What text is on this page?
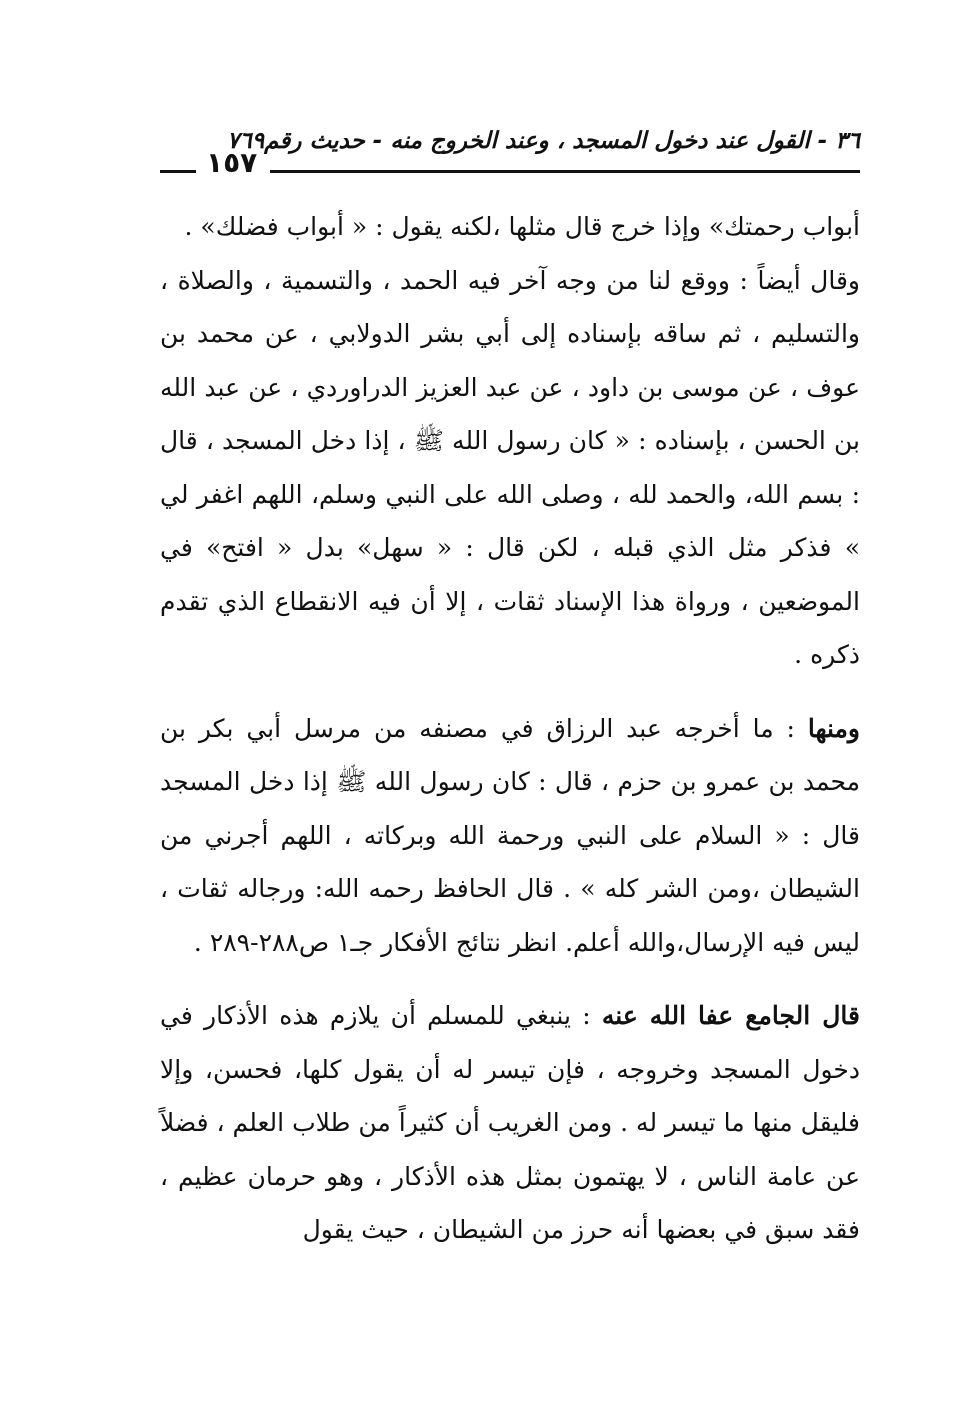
٣٦ - القول عند دخول المسجد ، وعند الخروج منه - حديث رقم٧٦٩
١٥٧

أبواب رحمتك» وإذا خرج قال مثلها ،لكنه يقول : « أبواب فضلك» .

وقال أيضاً : ووقع لنا من وجه آخر فيه الحمد ، والتسمية ، والصلاة ، والتسليم ، ثم ساقه بإسناده إلى أبي بشر الدولابي ، عن محمد بن عوف ، عن موسى بن داود ، عن عبد العزيز الدراوردي ، عن عبد الله بن الحسن ، بإسناده : « كان رسول الله ﷺ ، إذا دخل المسجد ، قال : بسم الله، والحمد لله ، وصلى الله على النبي وسلم، اللهم اغفر لي » فذكر مثل الذي قبله ، لكن قال : « سهل» بدل « افتح» في الموضعين ، ورواة هذا الإسناد ثقات ، إلا أن فيه الانقطاع الذي تقدم ذكره .

ومنها : ما أخرجه عبد الرزاق في مصنفه من مرسل أبي بكر بن محمد بن عمرو بن حزم ، قال : كان رسول الله ﷺ إذا دخل المسجد قال : « السلام على النبي ورحمة الله وبركاته ، اللهم أجرني من الشيطان ،ومن الشر كله » . قال الحافظ رحمه الله: ورجاله ثقات ، ليس فيه الإرسال،والله أعلم. انظر نتائج الأفكار جـ١ ص٢٨٨-٢٨٩ .

قال الجامع عفا الله عنه : ينبغي للمسلم أن يلازم هذه الأذكار في دخول المسجد وخروجه ، فإن تيسر له أن يقول كلها، فحسن، وإلا فليقل منها ما تيسر له . ومن الغريب أن كثيراً من طلاب العلم ، فضلاً عن عامة الناس ، لا يهتمون بمثل هذه الأذكار ، وهو حرمان عظيم ، فقد سبق في بعضها أنه حرز من الشيطان ، حيث يقول
